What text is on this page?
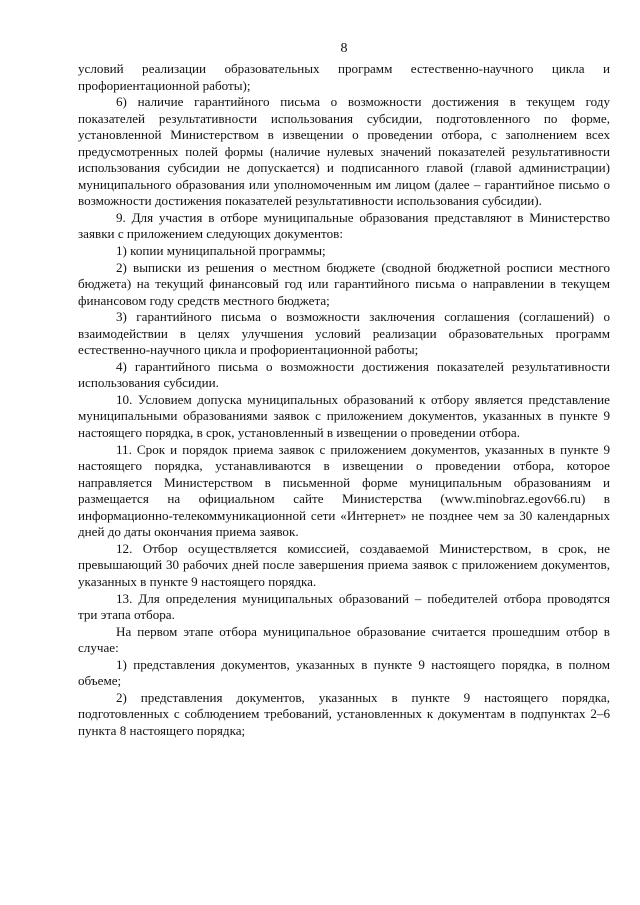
8

условий реализации образовательных программ естественно-научного цикла и профориентационной работы);

6) наличие гарантийного письма о возможности достижения в текущем году показателей результативности использования субсидии, подготовленного по форме, установленной Министерством в извещении о проведении отбора, с заполнением всех предусмотренных полей формы (наличие нулевых значений показателей результативности использования субсидии не допускается) и подписанного главой (главой администрации) муниципального образования или уполномоченным им лицом (далее – гарантийное письмо о возможности достижения показателей результативности использования субсидии).

9. Для участия в отборе муниципальные образования представляют в Министерство заявки с приложением следующих документов:

1) копии муниципальной программы;

2) выписки из решения о местном бюджете (сводной бюджетной росписи местного бюджета) на текущий финансовый год или гарантийного письма о направлении в текущем финансовом году средств местного бюджета;

3) гарантийного письма о возможности заключения соглашения (соглашений) о взаимодействии в целях улучшения условий реализации образовательных программ естественно-научного цикла и профориентационной работы;

4) гарантийного письма о возможности достижения показателей результативности использования субсидии.

10. Условием допуска муниципальных образований к отбору является представление муниципальными образованиями заявок с приложением документов, указанных в пункте 9 настоящего порядка, в срок, установленный в извещении о проведении отбора.

11. Срок и порядок приема заявок с приложением документов, указанных в пункте 9 настоящего порядка, устанавливаются в извещении о проведении отбора, которое направляется Министерством в письменной форме муниципальным образованиям и размещается на официальном сайте Министерства (www.minobraz.egov66.ru) в информационно-телекоммуникационной сети «Интернет» не позднее чем за 30 календарных дней до даты окончания приема заявок.

12. Отбор осуществляется комиссией, создаваемой Министерством, в срок, не превышающий 30 рабочих дней после завершения приема заявок с приложением документов, указанных в пункте 9 настоящего порядка.

13. Для определения муниципальных образований – победителей отбора проводятся три этапа отбора.

На первом этапе отбора муниципальное образование считается прошедшим отбор в случае:

1) представления документов, указанных в пункте 9 настоящего порядка, в полном объеме;

2) представления документов, указанных в пункте 9 настоящего порядка, подготовленных с соблюдением требований, установленных к документам в подпунктах 2–6 пункта 8 настоящего порядка;
